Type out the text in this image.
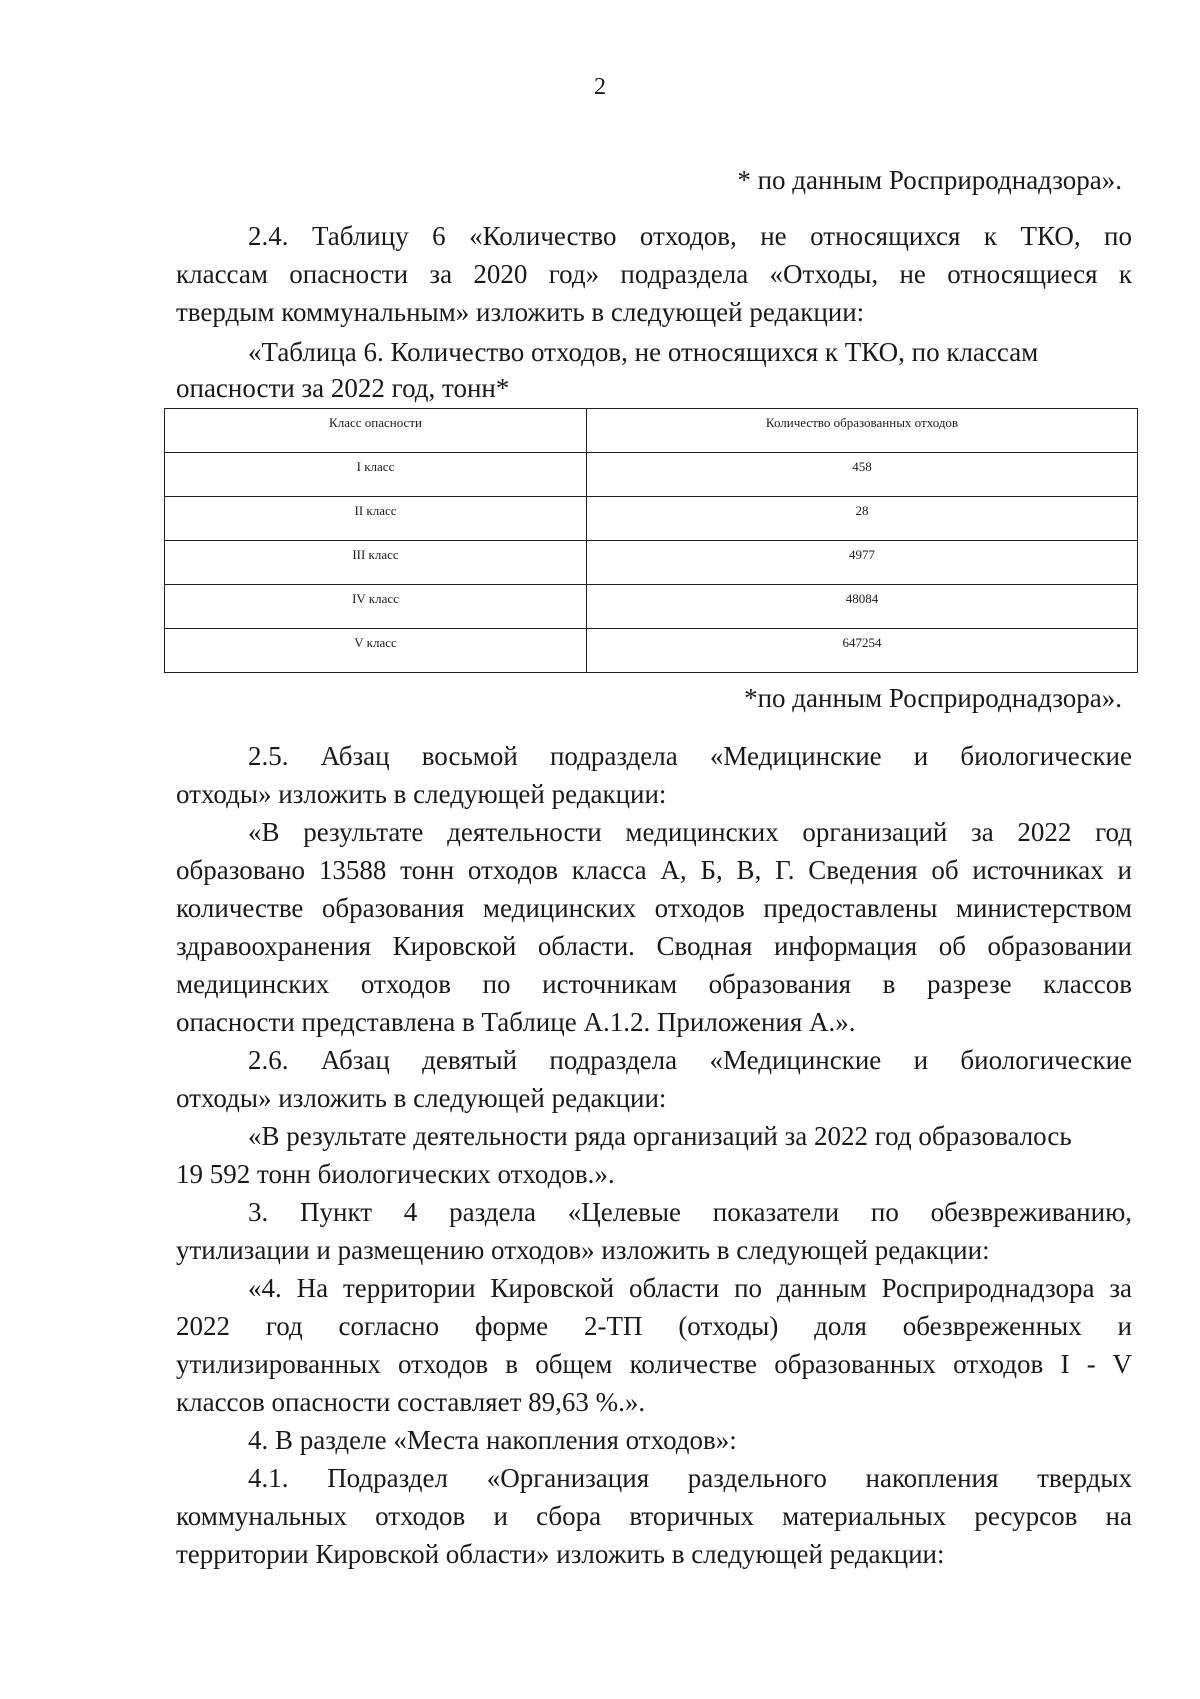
2
* по данным Росприроднадзора».
2.4. Таблицу 6 «Количество отходов, не относящихся к ТКО, по
классам опасности за 2020 год» подраздела «Отходы, не относящиеся к
твердым коммунальным» изложить в следующей редакции:
«Таблица 6. Количество отходов, не относящихся к ТКО, по классам
опасности за 2022 год, тонн*
Класс опасности	Количество образованных отходов
I класс	458
II класс	28
III класс	4977
IV класс	48084
V класс	647254
*по данным Росприроднадзора».
2.5. Абзац восьмой подраздела «Медицинские и биологические
отходы» изложить в следующей редакции:
«В результате деятельности медицинских организаций за 2022 год
образовано 13588 тонн отходов класса А, Б, В, Г. Сведения об источниках и
количестве образования медицинских отходов предоставлены министерством
здравоохранения Кировской области. Сводная информация об образовании
медицинских отходов по источникам образования в разрезе классов
опасности представлена в Таблице А.1.2. Приложения А.».
2.6. Абзац девятый подраздела «Медицинские и биологические
отходы» изложить в следующей редакции:
«В результате деятельности ряда организаций за 2022 год образовалось
19 592 тонн биологических отходов.».
3. Пункт 4 раздела «Целевые показатели по обезвреживанию,
утилизации и размещению отходов» изложить в следующей редакции:
«4. На территории Кировской области по данным Росприроднадзора за
2022 год согласно форме 2-ТП (отходы) доля обезвреженных и
утилизированных отходов в общем количестве образованных отходов I - V
классов опасности составляет 89,63 %.».
4. В разделе «Места накопления отходов»:
4.1. Подраздел «Организация раздельного накопления твердых
коммунальных отходов и сбора вторичных материальных ресурсов на
территории Кировской области» изложить в следующей редакции:
